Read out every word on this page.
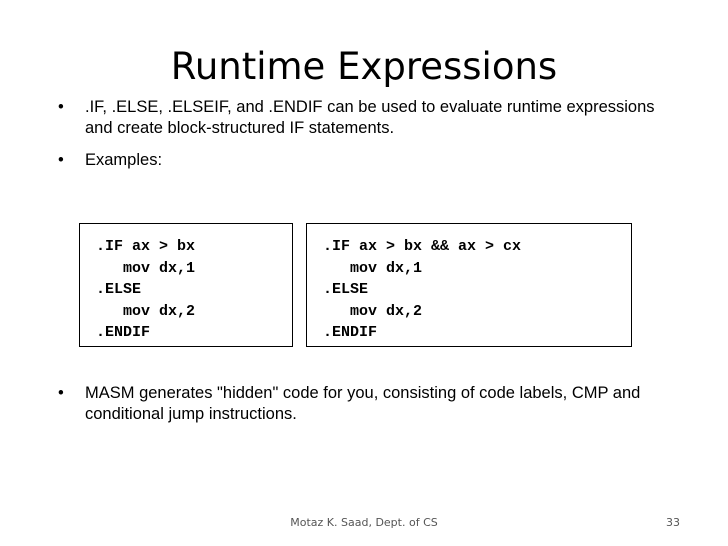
Runtime Expressions
• .IF, .ELSE, .ELSEIF, and .ENDIF can be used to evaluate runtime expressions and create block-structured IF statements.
• Examples:
.IF ax > bx
mov dx,1
.ELSE
mov dx,2
.ENDIF
.IF ax > bx && ax > cx
mov dx,1
.ELSE
mov dx,2
.ENDIF
• MASM generates "hidden" code for you, consisting of code labels, CMP and conditional jump instructions.
Motaz K. Saad, Dept. of CS	33
